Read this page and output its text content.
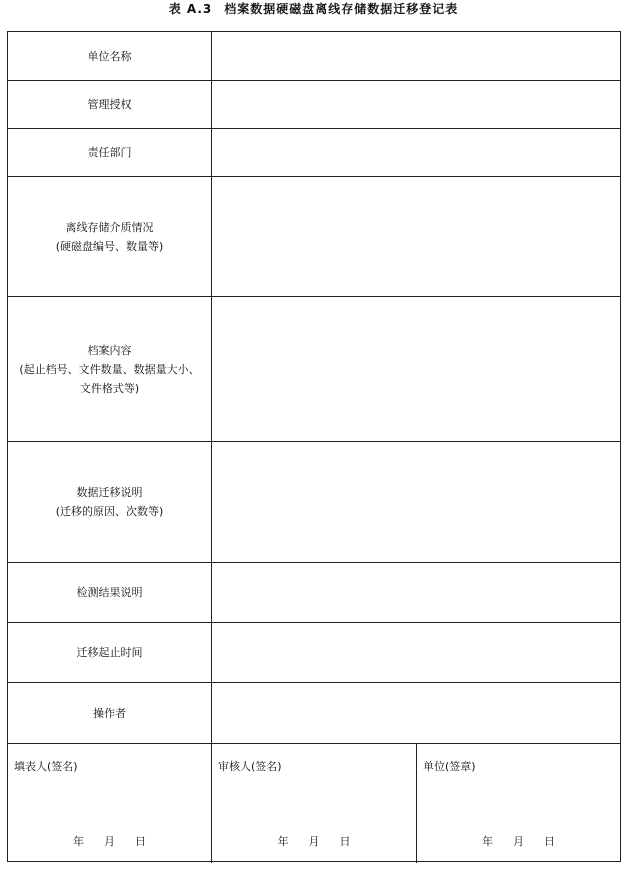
表 A.3 档案数据硬磁盘离线存储数据迁移登记表
单位名称
管理授权
责任部门
离线存储介质情况
(硬磁盘编号、数量等)
档案内容
(起止档号、文件数量、数据量大小、
文件格式等)
数据迁移说明
(迁移的原因、次数等)
检测结果说明
迁移起止时间
操作者
填表人(签名)
年 月 日
审核人(签名)
年 月 日
单位(签章)
年 月 日
